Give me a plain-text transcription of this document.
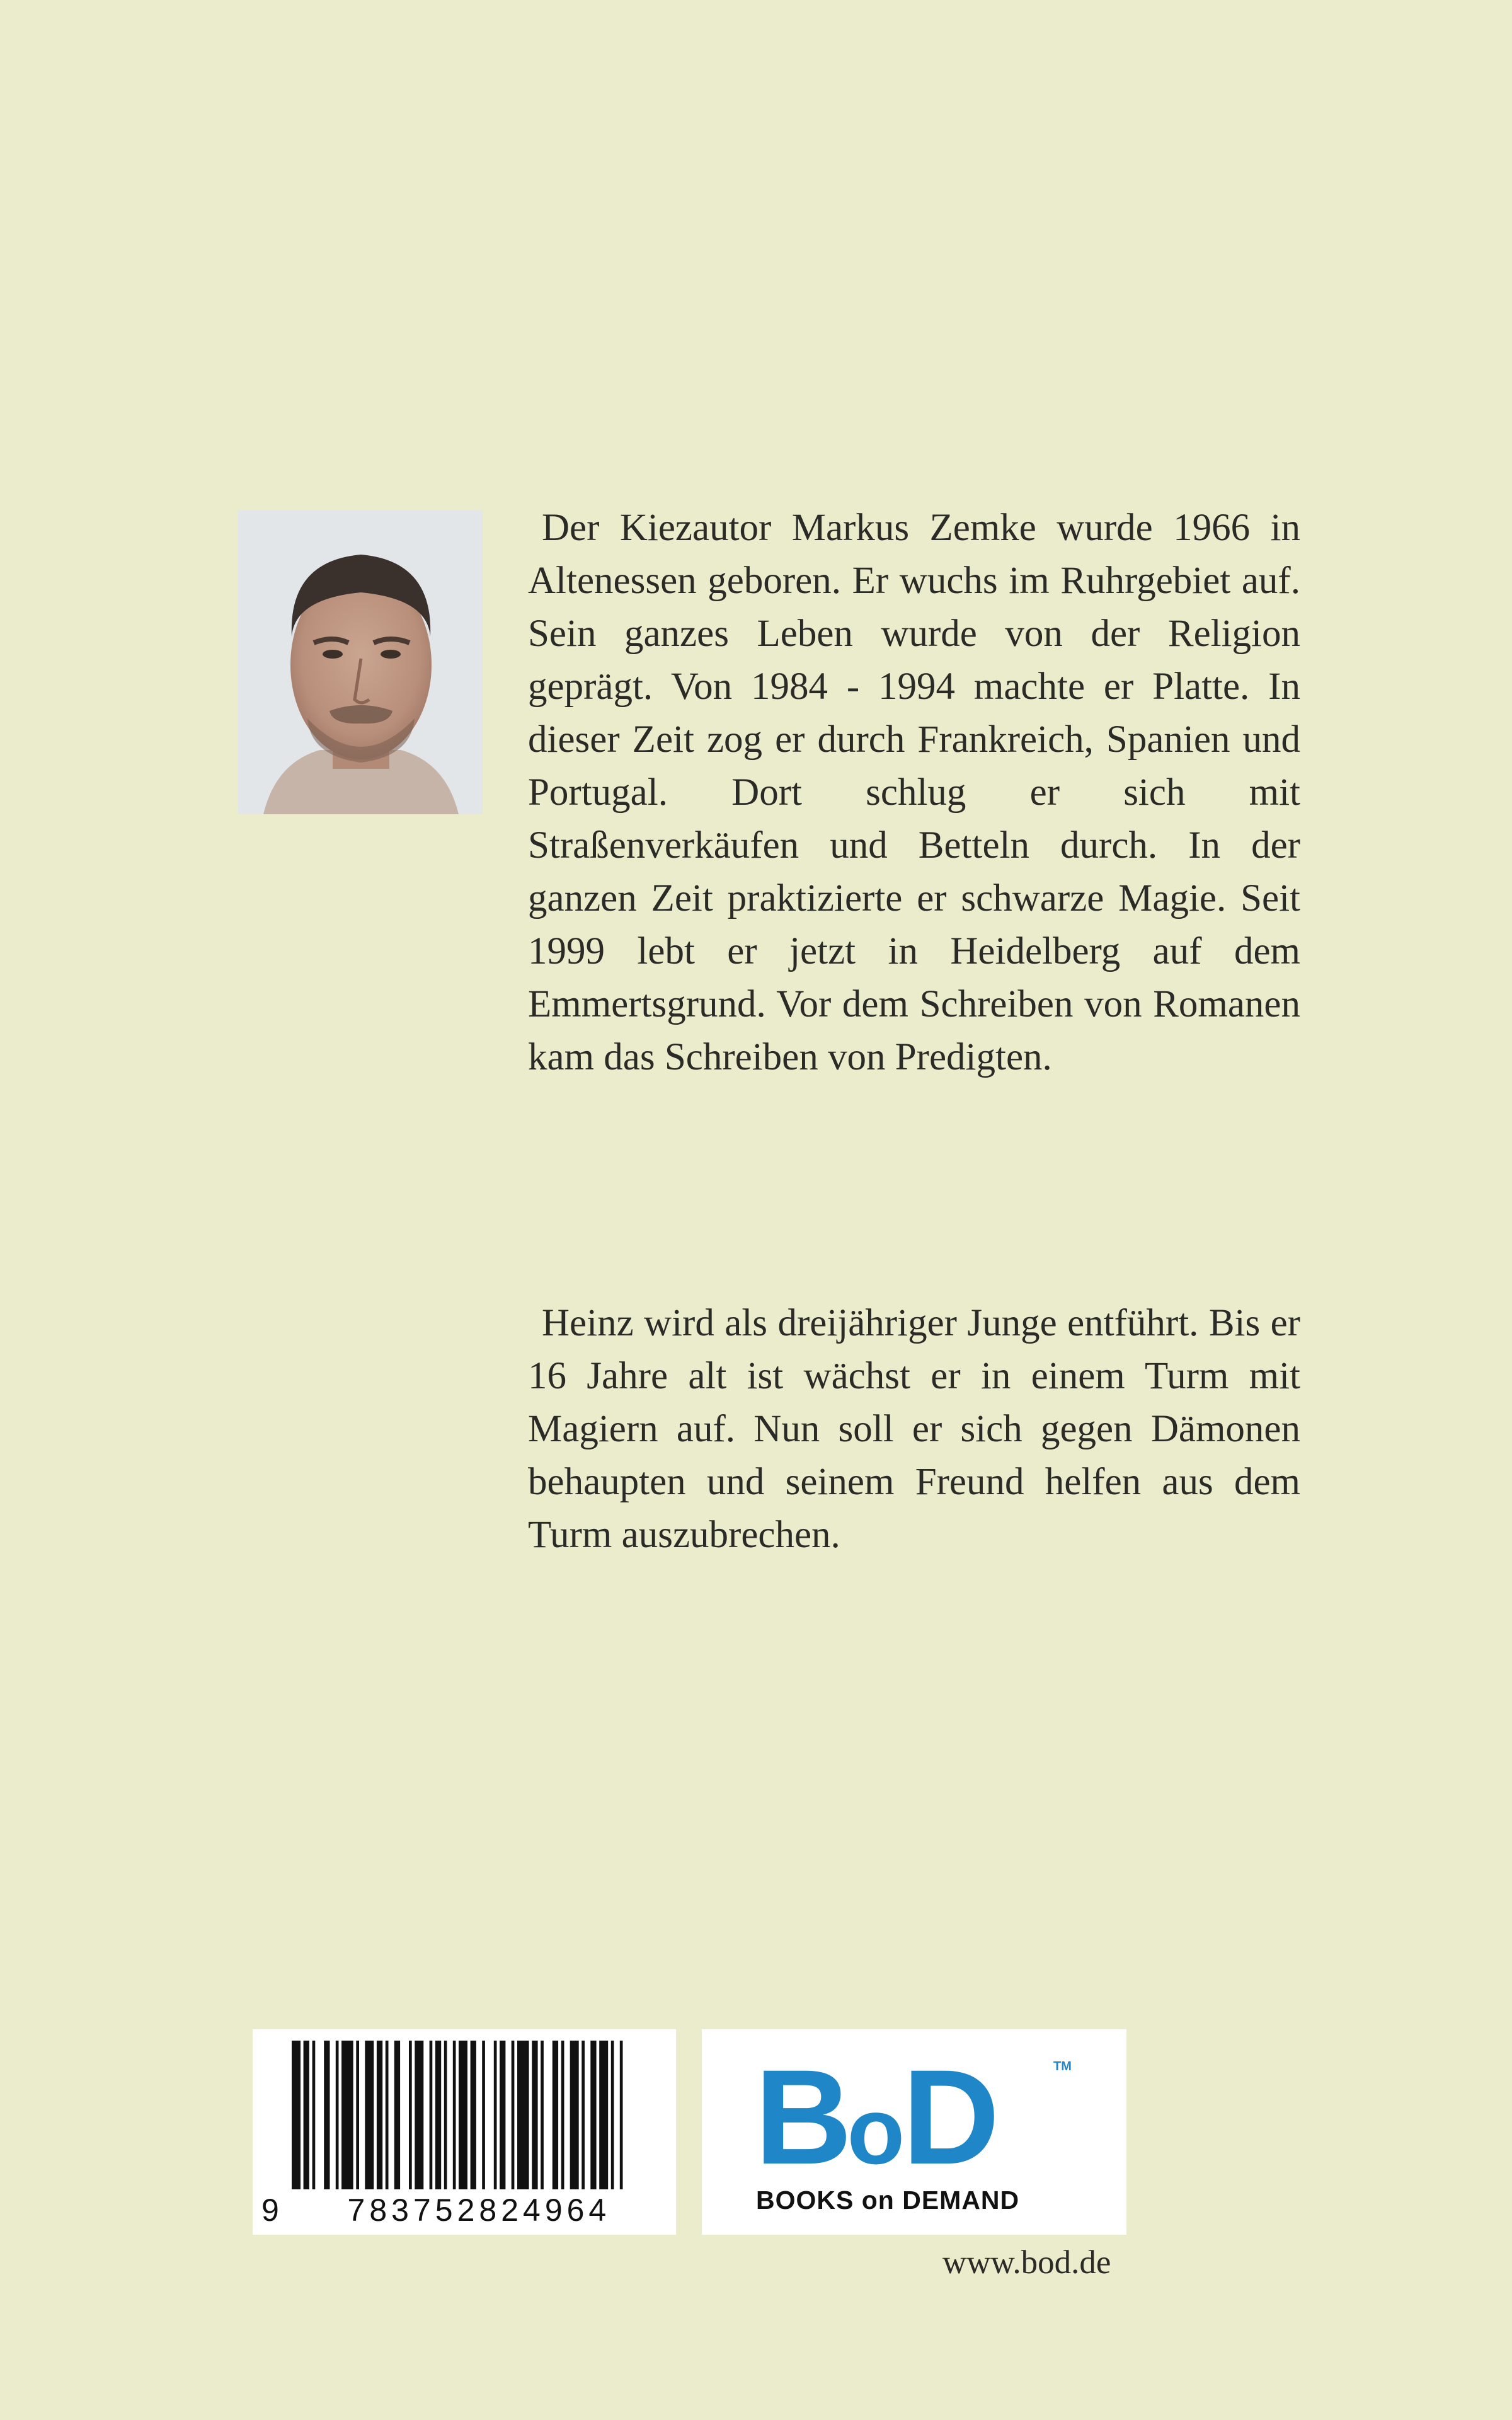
Der Kiezautor Markus Zemke wurde 1966 in Altenessen geboren. Er wuchs im Ruhrgebiet auf. Sein ganzes Leben wurde von der Religion geprägt. Von 1984 - 1994 machte er Platte. In dieser Zeit zog er durch Frankreich, Spanien und Portugal. Dort schlug er sich mit Straßenverkäufen und Betteln durch. In der ganzen Zeit praktizierte er schwarze Magie. Seit 1999 lebt er jetzt in Heidelberg auf dem Emmertsgrund. Vor dem Schreiben von Romanen kam das Schreiben von Predigten.

Heinz wird als dreijähriger Junge entführt. Bis er 16 Jahre alt ist wächst er in einem Turm mit Magiern auf. Nun soll er sich gegen Dämonen behaupten und seinem Freund helfen aus dem Turm auszubrechen.

9	783752824964
BoD	TM
BOOKS on DEMAND
www.bod.de
